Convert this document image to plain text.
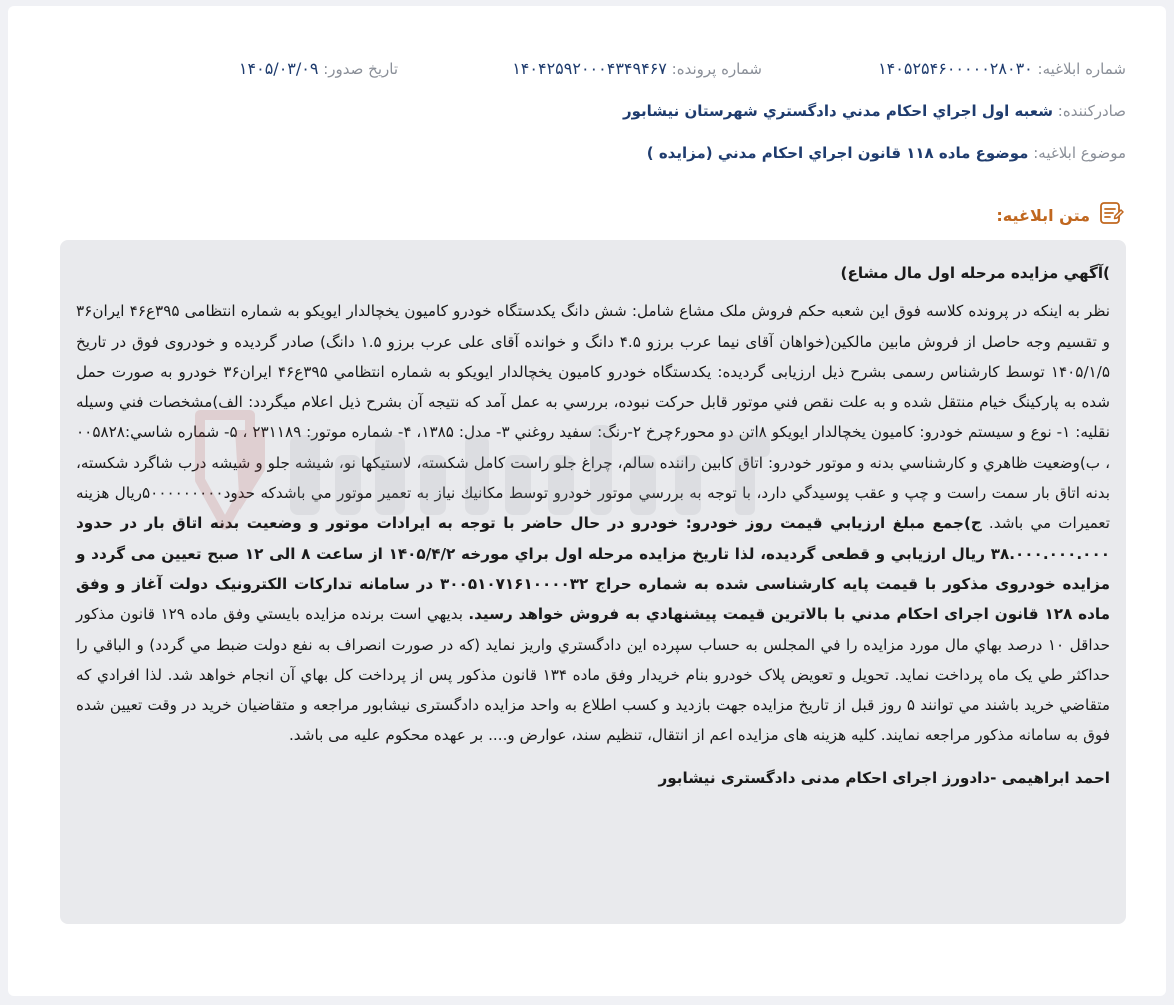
شماره ابلاغیه: ۱۴۰۵۲۵۴۶۰۰۰۰۰۲۸۰۳۰
شماره پرونده: ۱۴۰۴۲۵۹۲۰۰۰۴۳۴۹۴۶۷
تاریخ صدور: ۱۴۰۵/۰۳/۰۹
صادرکننده: شعبه اول اجراي احکام مدني دادگستري شهرستان نيشابور
موضوع ابلاغیه: موضوع ماده ۱۱۸ قانون اجراي احکام مدني (مزايده )
متن ابلاغیه:
)آگهي مزايده مرحله اول مال مشاع)

نظر به اینکه در پرونده کلاسه فوق این شعبه حکم فروش ملک مشاع شامل: شش دانگ یکدستگاه خودرو کامیون یخچالدار ایویکو به شماره انتظامی ۳۹۵ع۴۶ ایران۳۶ و تقسیم وجه حاصل از فروش مابین مالکین(خواهان آقای نیما عرب برزو ۴.۵ دانگ و خوانده آقای علی عرب برزو ۱.۵ دانگ) صادر گردیده و خودروی فوق در تاریخ ۱۴۰۵/۱/۵ توسط کارشناس رسمی بشرح ذیل ارزیابی گردیده: یکدستگاه خودرو کامیون یخچالدار ایویکو به شماره انتظامي ۳۹۵ع۴۶ ایران۳۶ خودرو به صورت حمل شده به پارکینگ خیام منتقل شده و به علت نقص فني موتور قابل حرکت نبوده، بررسي به عمل آمد که نتيجه آن بشرح ذيل اعلام ميگردد: الف)مشخصات فني وسيله نقليه: ۱- نوع و سيستم خودرو: کاميون يخچالدار ايويکو ۸اتن دو محور۶چرخ ۲-رنگ: سفيد روغني ۳- مدل: ۱۳۸۵، ۴- شماره موتور: ۲۳۱۱۸۹ ، ۵- شماره شاسي:۰۰۵۸۲۸ ، ب)وضعيت ظاهري و کارشناسي بدنه و موتور خودرو: اتاق کابين راننده سالم، چراغ جلو راست کامل شکسته، لاستيکها نو، شيشه جلو و شيشه درب شاگرد شکسته، بدنه اتاق بار سمت راست و چپ و عقب پوسيدگي دارد، با توجه به بررسي موتور خودرو توسط مکانيك نياز به تعمير موتور مي باشدکه حدود۵۰۰۰۰۰۰۰۰۰ريال هزينه تعميرات مي باشد. ج)جمع مبلغ ارزيابي قيمت روز خودرو: خودرو در حال حاضر با توجه به ایرادات موتور و وضعیت بدنه اتاق بار در حدود ۳۸.۰۰۰.۰۰۰.۰۰۰ ريال ارزيابي و قطعی گرديده، لذا تاريخ مزايده مرحله اول براي مورخه ۱۴۰۵/۴/۲ از ساعت ۸ الی ۱۲ صبح تعيين می گردد و مزایده خودروی مذکور با قيمت پايه کارشناسی شده به شماره حراج ۳۰۰۵۱۰۷۱۶۱۰۰۰۰۳۲ در سامانه تدارکات الکترونيک دولت آغاز و وفق ماده ۱۲۸ قانون اجرای احکام مدني با بالاترين قيمت پيشنهادي به فروش خواهد رسيد. بديهي است برنده مزايده بايستي وفق ماده ۱۲۹ قانون مذکور حداقل ۱۰ درصد بهاي مال مورد مزايده را في المجلس به حساب سپرده اين دادگستري واريز نمايد (كه در صورت انصراف به نفع دولت ضبط مي گردد) و الباقي را حداكثر طي يک ماه پرداخت نمايد. تحويل و تعويض پلاک خودرو بنام خريدار وفق ماده ۱۳۴ قانون مذکور پس از پرداخت کل بهاي آن انجام خواهد شد. لذا افرادي كه متقاضي خريد باشند مي توانند ۵ روز قبل از تاريخ مزايده جهت بازديد و کسب اطلاع به واحد مزايده دادگستری نيشابور مراجعه و متقاضيان خريد در وقت تعيين شده فوق به سامانه مذکور مراجعه نمايند. کليه هزينه های مزايده اعم از انتقال، تنظيم سند، عوارض و.... بر عهده محکوم عليه می باشد.

احمد ابراهيمی -دادورز اجرای احکام مدنی دادگستری نيشابور
